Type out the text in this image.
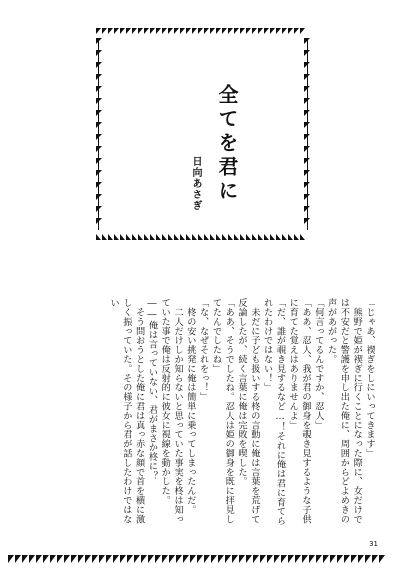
全てを君に
日向あさぎ

「じゃあ、禊ぎをしにいってきます」

　熊野で姫が禊ぎに行くことになった際に、女だけでは不安だと警護を申し出た俺に、周囲からどよめきの声があがった。

「何言ってるんですか、忍人」

「ああ、忍人、我が君の御身を覗き見するような子供に育てた覚えはありませんよ」

「だ、誰が覗き見するなど…！それに俺は君に育てられたわけではない！」

　未だに子ども扱いする柊の言動に俺は言葉を荒げて反論したが、続く言葉に俺は完敗を喫した。

「ああ、そうでしたね。忍人は姫の御身を既に拝見してたんでしたね」

「な、なぜそれをっ！」

　柊の安い挑発に俺は簡単に乗ってしまったんだ。

　二人だけしか知らないと思っていた事実を柊は知っていた事で俺は反射的に彼女に視線を動かした。

――俺は言っていない、君がまさか柊に？

　そう問おうとした俺に君は真っ赤な顔で首を横に激しく振っていた。その様子から君が話したわけではない

31
